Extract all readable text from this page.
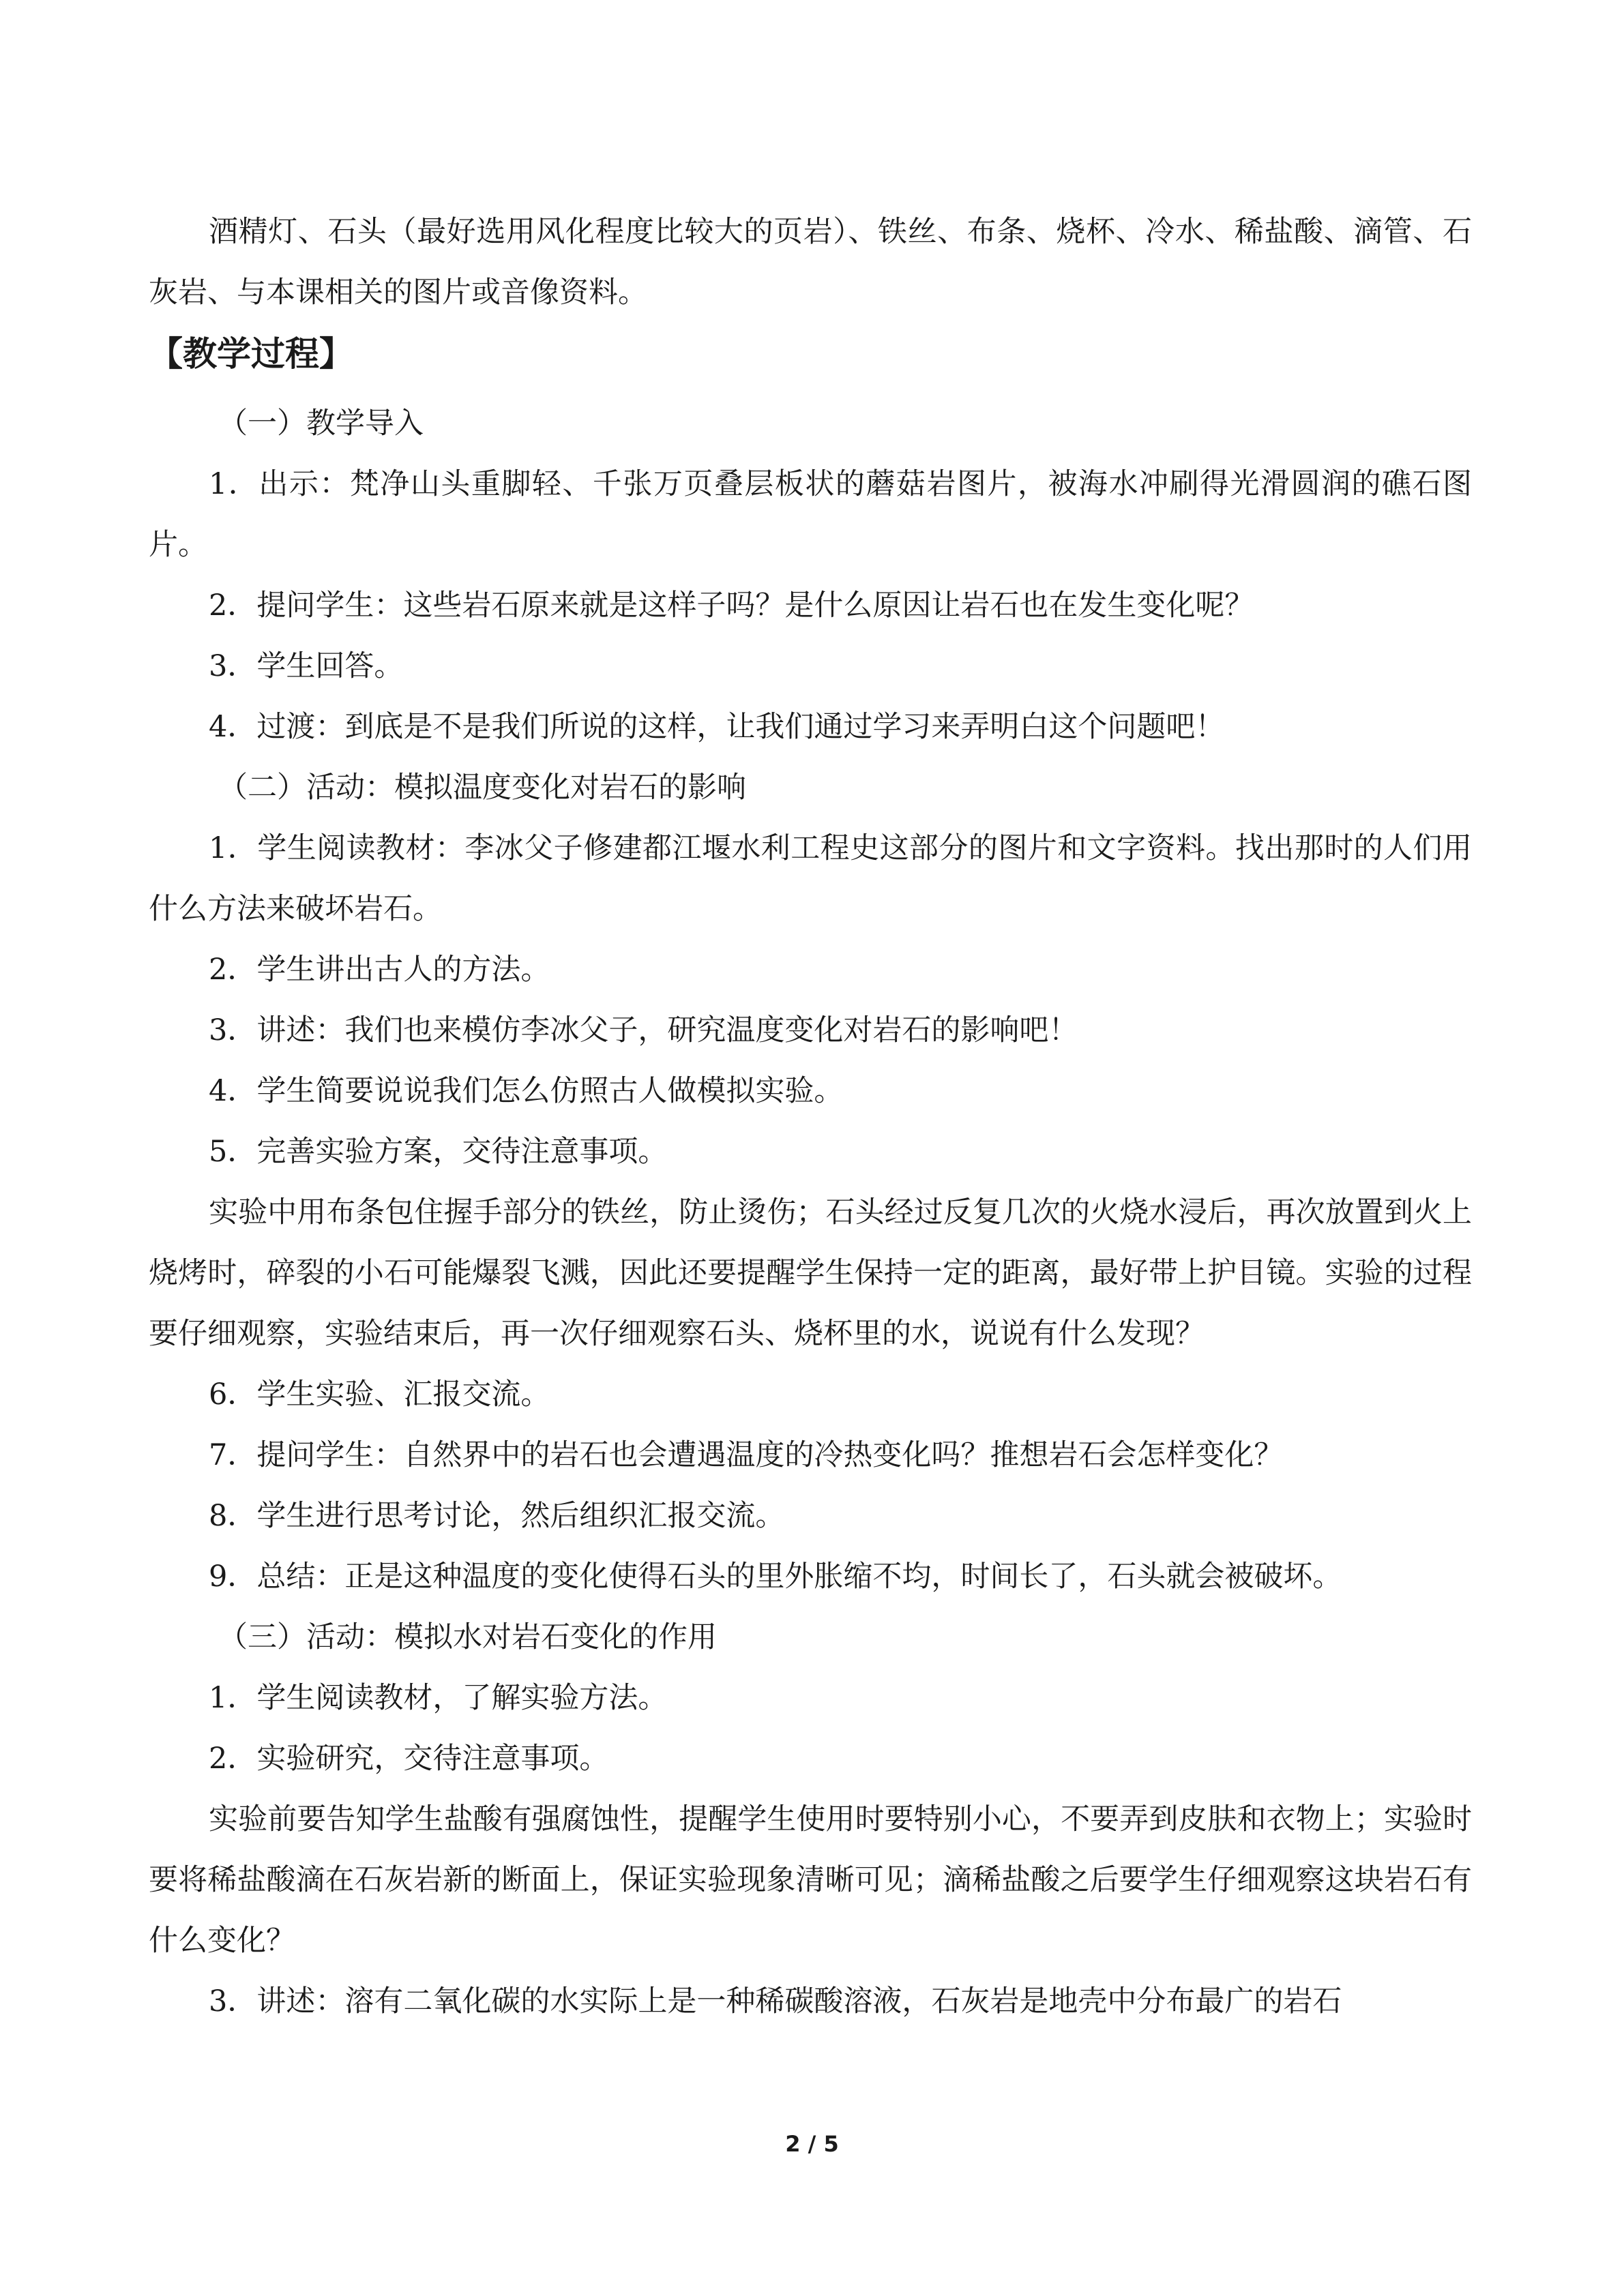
酒精灯、石头（最好选用风化程度比较大的页岩）、铁丝、布条、烧杯、冷水、稀盐酸、滴管、石灰岩、与本课相关的图片或音像资料。

【教学过程】

（一）教学导入

1．出示：梵净山头重脚轻、千张万页叠层板状的蘑菇岩图片，被海水冲刷得光滑圆润的礁石图片。

2．提问学生：这些岩石原来就是这样子吗？是什么原因让岩石也在发生变化呢？

3．学生回答。

4．过渡：到底是不是我们所说的这样，让我们通过学习来弄明白这个问题吧！

（二）活动：模拟温度变化对岩石的影响

1．学生阅读教材：李冰父子修建都江堰水利工程史这部分的图片和文字资料。找出那时的人们用什么方法来破坏岩石。

2．学生讲出古人的方法。

3．讲述：我们也来模仿李冰父子，研究温度变化对岩石的影响吧！

4．学生简要说说我们怎么仿照古人做模拟实验。

5．完善实验方案，交待注意事项。

实验中用布条包住握手部分的铁丝，防止烫伤；石头经过反复几次的火烧水浸后，再次放置到火上烧烤时，碎裂的小石可能爆裂飞溅，因此还要提醒学生保持一定的距离，最好带上护目镜。实验的过程要仔细观察，实验结束后，再一次仔细观察石头、烧杯里的水，说说有什么发现？

6．学生实验、汇报交流。

7．提问学生：自然界中的岩石也会遭遇温度的冷热变化吗？推想岩石会怎样变化？

8．学生进行思考讨论，然后组织汇报交流。

9．总结：正是这种温度的变化使得石头的里外胀缩不均，时间长了，石头就会被破坏。

（三）活动：模拟水对岩石变化的作用

1．学生阅读教材，了解实验方法。

2．实验研究，交待注意事项。

实验前要告知学生盐酸有强腐蚀性，提醒学生使用时要特别小心，不要弄到皮肤和衣物上；实验时要将稀盐酸滴在石灰岩新的断面上，保证实验现象清晰可见；滴稀盐酸之后要学生仔细观察这块岩石有什么变化？

3．讲述：溶有二氧化碳的水实际上是一种稀碳酸溶液，石灰岩是地壳中分布最广的岩石

2 / 5
